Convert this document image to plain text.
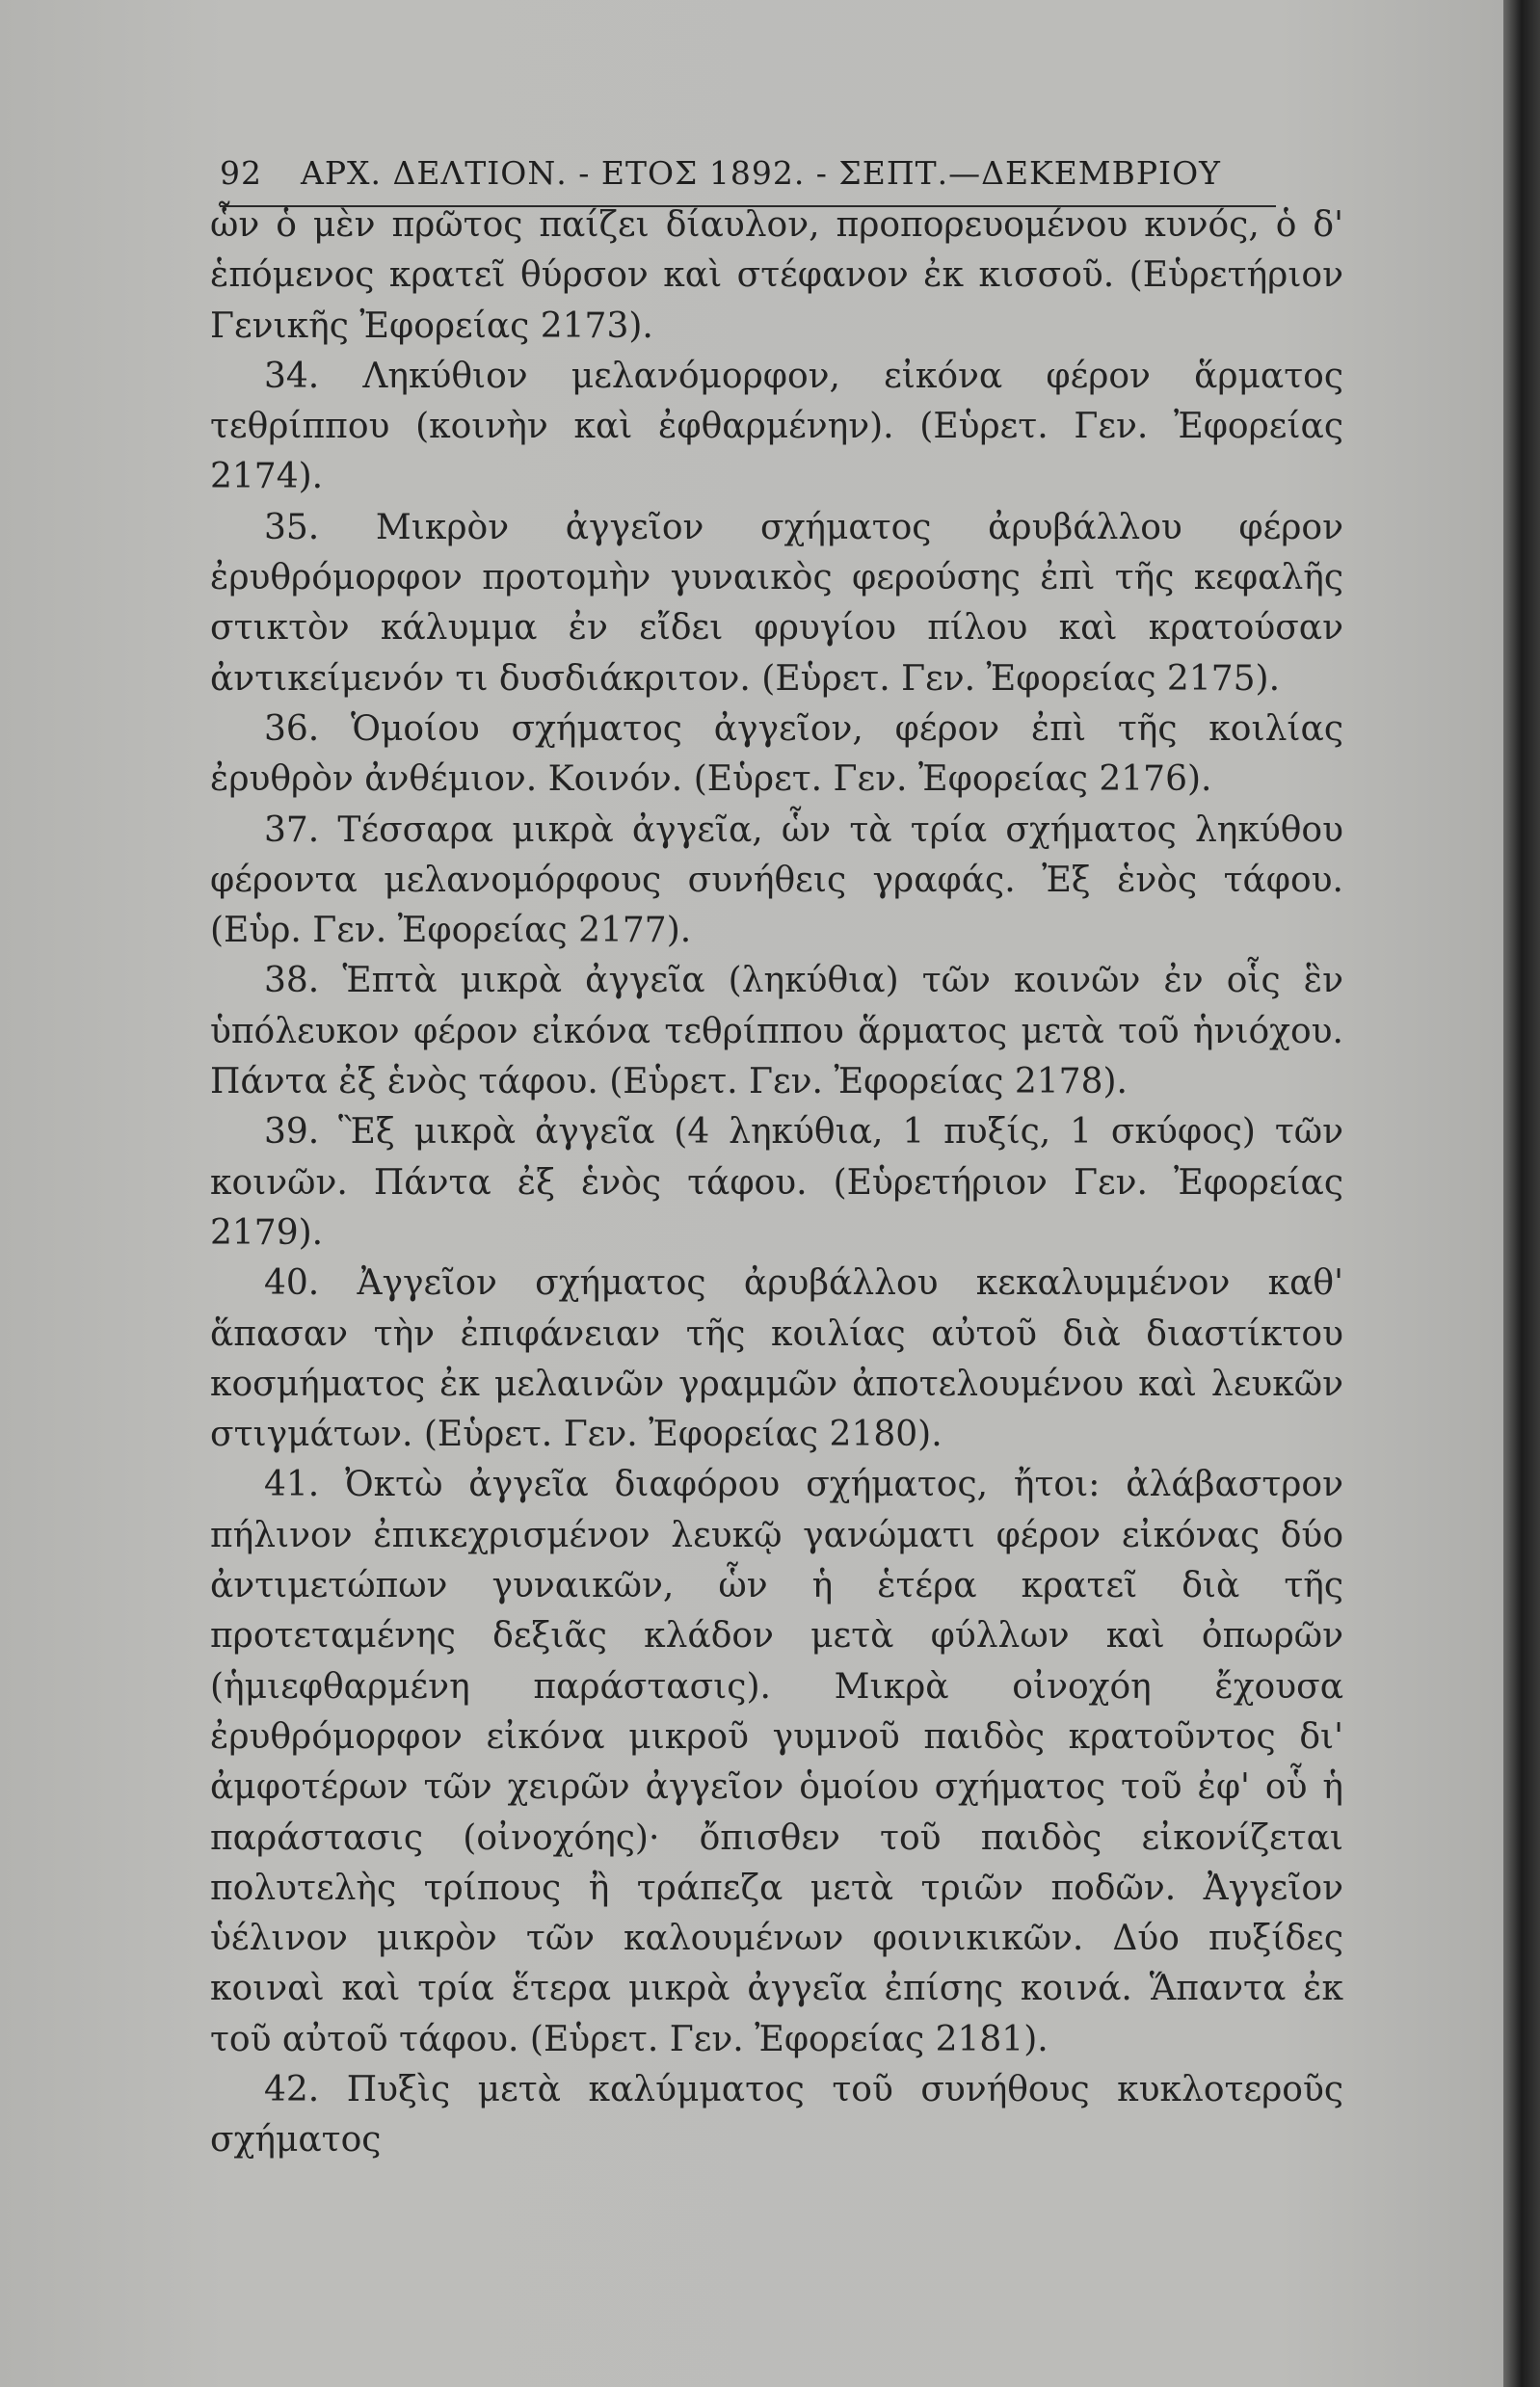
92 ΑΡΧ. ΔΕΛΤΙΟΝ. - ΕΤΟΣ 1892. - ΣΕΠΤ.—ΔΕΚΕΜΒΡΙΟΥ

ὧν ὁ μὲν πρῶτος παίζει δίαυλον, προπορευομένου κυνός, ὁ δ' ἑπόμενος κρατεῖ θύρσον καὶ στέφανον ἐκ κισσοῦ. (Εὑρετήριον Γενικῆς Ἐφορείας 2173).

34. Ληκύθιον μελανόμορφον, εἰκόνα φέρον ἅρματος τεθρίππου (κοινὴν καὶ ἐφθαρμένην). (Εὑρετ. Γεν. Ἐφορείας 2174).

35. Μικρὸν ἀγγεῖον σχήματος ἀρυβάλλου φέρον ἐρυθρόμορφον προτομὴν γυναικὸς φερούσης ἐπὶ τῆς κεφαλῆς στικτὸν κάλυμμα ἐν εἴδει φρυγίου πίλου καὶ κρατούσαν ἀντικείμενόν τι δυσδιάκριτον. (Εὑρετ. Γεν. Ἐφορείας 2175).

36. Ὁμοίου σχήματος ἀγγεῖον, φέρον ἐπὶ τῆς κοιλίας ἐρυθρὸν ἀνθέμιον. Κοινόν. (Εὑρετ. Γεν. Ἐφορείας 2176).

37. Τέσσαρα μικρὰ ἀγγεῖα, ὧν τὰ τρία σχήματος ληκύθου φέροντα μελανομόρφους συνήθεις γραφάς. Ἐξ ἑνὸς τάφου. (Εὑρ. Γεν. Ἐφορείας 2177).

38. Ἑπτὰ μικρὰ ἀγγεῖα (ληκύθια) τῶν κοινῶν ἐν οἷς ἓν ὑπόλευκον φέρον εἰκόνα τεθρίππου ἅρματος μετὰ τοῦ ἡνιόχου. Πάντα ἐξ ἑνὸς τάφου. (Εὑρετ. Γεν. Ἐφορείας 2178).

39. Ἓξ μικρὰ ἀγγεῖα (4 ληκύθια, 1 πυξίς, 1 σκύφος) τῶν κοινῶν. Πάντα ἐξ ἑνὸς τάφου. (Εὑρετήριον Γεν. Ἐφορείας 2179).

40. Ἀγγεῖον σχήματος ἀρυβάλλου κεκαλυμμένον καθ' ἅπασαν τὴν ἐπιφάνειαν τῆς κοιλίας αὐτοῦ διὰ διαστίκτου κοσμήματος ἐκ μελαινῶν γραμμῶν ἀποτελουμένου καὶ λευκῶν στιγμάτων. (Εὑρετ. Γεν. Ἐφορείας 2180).

41. Ὀκτὼ ἀγγεῖα διαφόρου σχήματος, ἤτοι: ἀλάβαστρον πήλινον ἐπικεχρισμένον λευκῷ γανώματι φέρον εἰκόνας δύο ἀντιμετώπων γυναικῶν, ὧν ἡ ἑτέρα κρατεῖ διὰ τῆς προτεταμένης δεξιᾶς κλάδον μετὰ φύλλων καὶ ὀπωρῶν (ἡμιεφθαρμένη παράστασις). Μικρὰ οἰνοχόη ἔχουσα ἐρυθρόμορφον εἰκόνα μικροῦ γυμνοῦ παιδὸς κρατοῦντος δι' ἀμφοτέρων τῶν χειρῶν ἀγγεῖον ὁμοίου σχήματος τοῦ ἐφ' οὗ ἡ παράστασις (οἰνοχόης)· ὄπισθεν τοῦ παιδὸς εἰκονίζεται πολυτελὴς τρίπους ἢ τράπεζα μετὰ τριῶν ποδῶν. Ἀγγεῖον ὑέλινον μικρὸν τῶν καλουμένων φοινικικῶν. Δύο πυξίδες κοιναὶ καὶ τρία ἕτερα μικρὰ ἀγγεῖα ἐπίσης κοινά. Ἅπαντα ἐκ τοῦ αὐτοῦ τάφου. (Εὑρετ. Γεν. Ἐφορείας 2181).

42. Πυξὶς μετὰ καλύμματος τοῦ συνήθους κυκλοτεροῦς σχήματος
